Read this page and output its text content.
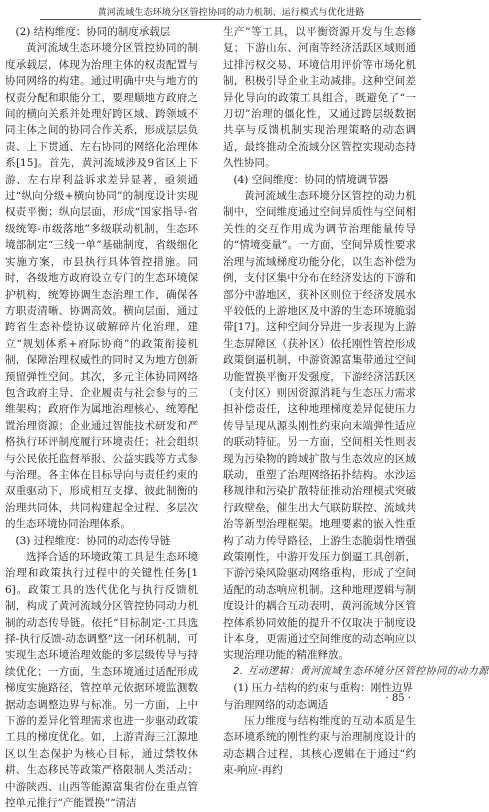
黄河流域生态环境分区管控协同的动力机制、运行模式与优化进路

(2) 结构维度：协同的制度承载层

黄河流域生态环境分区管控协同的制度承载层，体现为治理主体的权责配置与协同网络的构建。通过明确中央与地方的权责分配和职能分工，要理顺地方政府之间的横向关系并处理好跨区域、跨领域不同主体之间的协同合作关系，形成层层负责、上下贯通、左右协同的网络化治理体系[15]。首先，黄河流域涉及9省区上下游、左右岸利益诉求差异显著，亟须通过“纵向分级+横向协同”的制度设计实现权责平衡；纵向层面，形成“国家指导-省级统筹-市级落地”多级联动机制，生态环境部制定“三线一单”基础制度，省级细化实施方案，市县执行具体管控措施。同时，各级地方政府设立专门的生态环境保护机构，统筹协调生态治理工作，确保各方职责清晰、协调高效。横向层面，通过跨省生态补偿协议破解碎片化治理，建立“规划体系+府际协商”的政策衔接机制，保障治理权威性的同时又为地方创新预留弹性空间。其次，多元主体协同网络包含政府主导、企业履责与社会参与的三维架构；政府作为属地治理核心，统筹配置治理资源；企业通过智能技术研发和严格执行环评制度履行环境责任；社会组织与公民依托监督举报、公益实践等方式参与治理。各主体在目标导向与责任约束的双重驱动下，形成相互支撑、彼此制衡的治理共同体，共同构建起全过程、多层次的生态环境协同治理体系。

(3) 过程维度：协同的动态传导链

选择合适的环境政策工具是生态环境治理和政策执行过程中的关键性任务[16]。政策工具的迭代优化与执行反馈机制，构成了黄河流域分区管控协同动力机制的动态传导链。依托“目标制定-工具选择-执行反馈-动态调整”这一闭环机制，可实现生态环境治理效能的多层级传导与持续优化；一方面，生态环境通过适配形成梯度实施路径，管控单元依据环境监测数据动态调整边界与标准。另一方面，上中下游的差异化管理需求也进一步驱动政策工具的梯度优化。如，上游青海三江源地区以生态保护为核心目标，通过禁牧休耕、生态移民等政策严格限制人类活动；中游陕西、山西等能源富集省份在重点管控单元推行“产能置换”“清洁

生产”等工具，以平衡资源开发与生态修复；下游山东、河南等经济活跃区域则通过排污权交易、环境信用评价等市场化机制，积极引导企业主动减排。这种空间差异化导向的政策工具组合，既避免了“一刀切”治理的僵化性，又通过跨层级数据共享与反馈机制实现治理策略的动态调适，最终推动全流域分区管控实现动态持久性协同。

(4) 空间维度：协同的情境调节器

黄河流域生态环境分区管控的动力机制中，空间维度通过空间异质性与空间相关性的交互作用成为调节治理能量传导的“情境变量”。一方面，空间异质性要求治理与流域梯度功能分化，以生态补偿为例，支付区集中分布在经济发达的下游和部分中游地区，获补区则位于经济发展水平较低的上游地区及中游的生态环境脆弱带[17]。这种空间分异进一步表现为上游生态屏障区（获补区）依托刚性管控形成政策倒逼机制，中游资源富集带通过空间功能置换平衡开发强度，下游经济活跃区（支付区）则因资源消耗与生态压力需求担补偿责任，这种地理梯度差异促使压力传导呈现从源头刚性约束向末端弹性适应的联动特征。另一方面，空间相关性则表现为污染物的跨域扩散与生态效应的区域联动，重塑了治理网络拓扑结构。水沙运移规律和污染扩散特征推动治理模式突破行政壁垒，催生出大气联防联控、流域共治等新型治理框架。地理要素的嵌入性重构了动力传导路径，上游生态脆弱性增强政策刚性，中游开发压力倒逼工具创新，下游污染风险驱动网络重构，形成了空间适配的动态响应机制。这种地理逻辑与制度设计的耦合互动表明，黄河流域分区管控体系协同效能的提升不仅取决于制度设计本身，更需通过空间维度的动态响应以实现治理功能的精准释放。

2. 互动逻辑：黄河流域生态环境分区管控协同的动力源

(1) 压力-结构的约束与重构：刚性边界与治理网络的动态调适

压力维度与结构维度的互动本质是生态环境系统的刚性约束与治理制度设计的动态耦合过程，其核心逻辑在于通过“约束-响应-再约

· 85 ·
